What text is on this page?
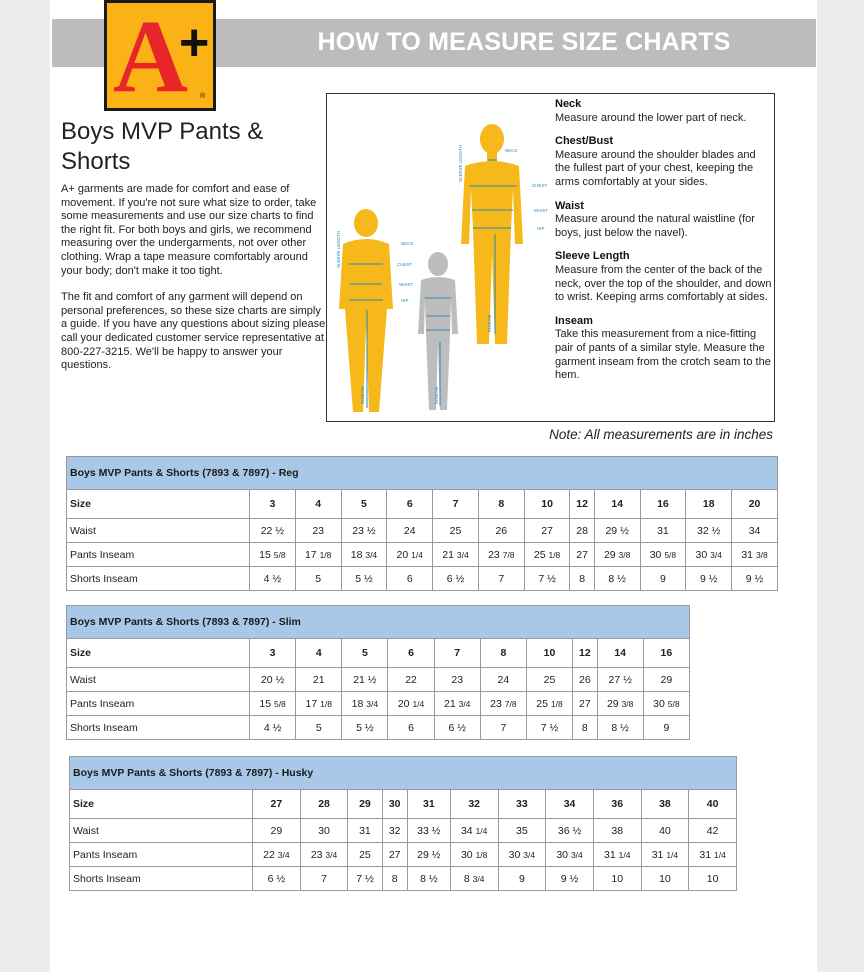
HOW TO MEASURE SIZE CHARTS
A
+
®
Boys MVP Pants & Shorts

A+ garments are made for comfort and ease of movement. If you're not sure what size to order, take some measurements and use our size charts to find the right fit. For both boys and girls, we recommend measuring over the undergarments, not over other clothing. Wrap a tape measure comfortably around your body; don't make it too tight.

The fit and comfort of any garment will depend on personal preferences, so these size charts are simply a guide. If you have any questions about sizing please call your dedicated customer service representative at 800-227-3215. We'll be happy to answer your questions.

NECK
CHEST
WAIST
HIP
NECK
CHEST
WAIST
HIP
SLEEVE LENGTH
SLEEVE LENGTH
INSEAM
INSEAM	INSEAM
Neck
Measure around the lower part of neck.
Chest/Bust
Measure around the shoulder blades and the fullest part of your chest, keeping the arms comfortably at your sides.
Waist
Measure around the natural waistline (for boys, just below the navel).
Sleeve Length
Measure from the center of the back of the neck, over the top of the shoulder, and down to wrist. Keeping arms comfortably at sides.
Inseam
Take this measurement from a nice-fitting pair of pants of a similar style. Measure the garment inseam from the crotch seam to the hem.
Note: All measurements are in inches
Boys MVP Pants & Shorts (7893 & 7897) - Reg												
Size	3	4	5	6	7	8	10	12	14	16	18	20
Waist	22 ½	23	23 ½	24	25	26	27	28	29 ½	31	32 ½	34
Pants Inseam	15 5/8	17 1/8	18 3/4	20 1/4	21 3/4	23 7/8	25 1/8	27	29 3/8	30 5/8	30 3/4	31 3/8
Shorts Inseam	4 ½	5	5 ½	6	6 ½	7	7 ½	8	8 ½	9	9 ½	9 ½
Boys MVP Pants & Shorts (7893 & 7897) - Slim										
Size	3	4	5	6	7	8	10	12	14	16
Waist	20 ½	21	21 ½	22	23	24	25	26	27 ½	29
Pants Inseam	15 5/8	17 1/8	18 3/4	20 1/4	21 3/4	23 7/8	25 1/8	27	29 3/8	30 5/8
Shorts Inseam	4 ½	5	5 ½	6	6 ½	7	7 ½	8	8 ½	9
Boys MVP Pants & Shorts (7893 & 7897) - Husky											
Size	27	28	29	30	31	32	33	34	36	38	40
Waist	29	30	31	32	33 ½	34 1/4	35	36 ½	38	40	42
Pants Inseam	22 3/4	23 3/4	25	27	29 ½	30 1/8	30 3/4	30 3/4	31 1/4	31 1/4	31 1/4
Shorts Inseam	6 ½	7	7 ½	8	8 ½	8 3/4	9	9 ½	10	10	10
